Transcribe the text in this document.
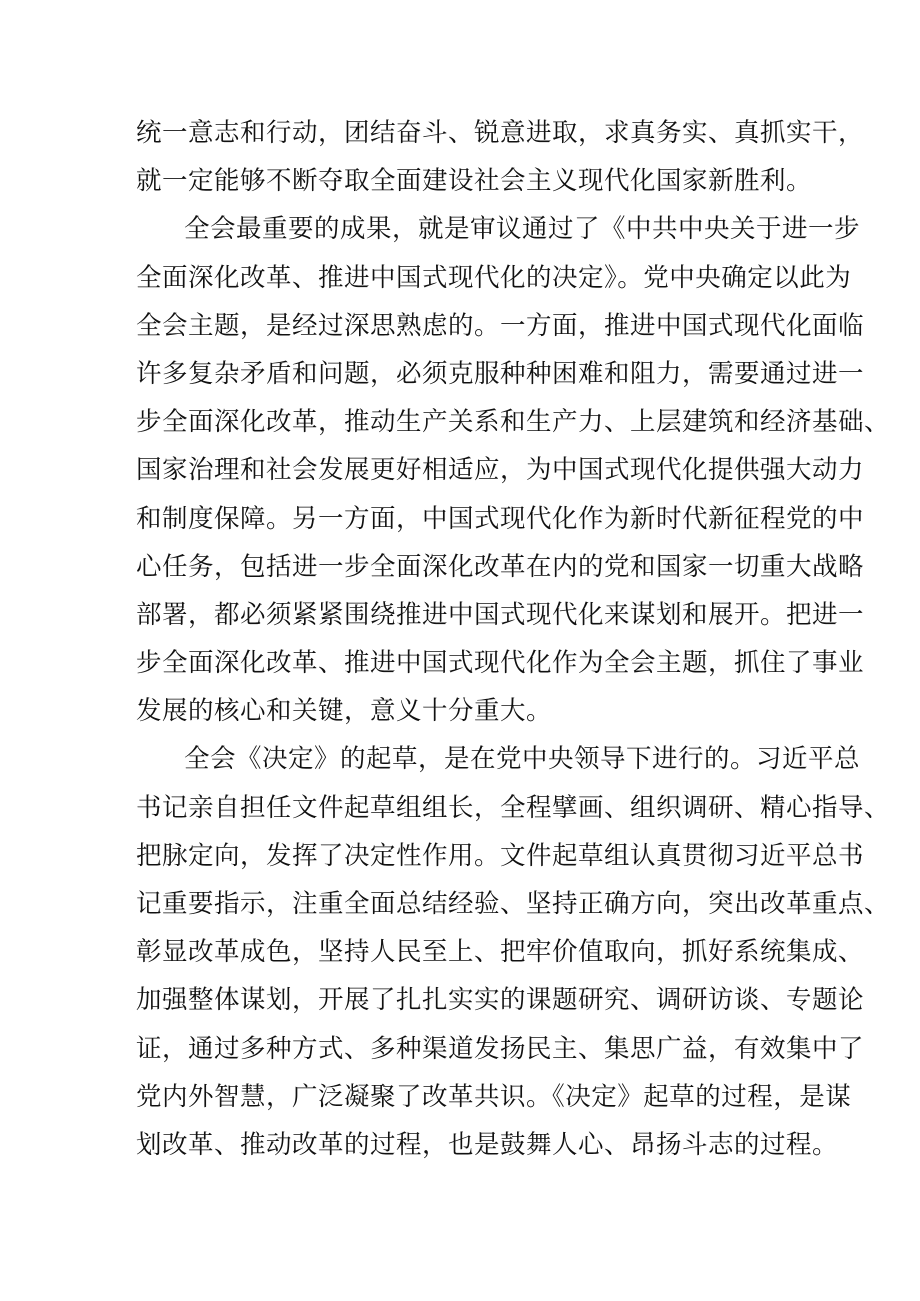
统一意志和行动，团结奋斗、锐意进取，求真务实、真抓实干，
就一定能够不断夺取全面建设社会主义现代化国家新胜利。
全会最重要的成果，就是审议通过了《中共中央关于进一步
全面深化改革、推进中国式现代化的决定》。党中央确定以此为
全会主题，是经过深思熟虑的。一方面，推进中国式现代化面临
许多复杂矛盾和问题，必须克服种种困难和阻力，需要通过进一
步全面深化改革，推动生产关系和生产力、上层建筑和经济基础、
国家治理和社会发展更好相适应，为中国式现代化提供强大动力
和制度保障。另一方面，中国式现代化作为新时代新征程党的中
心任务，包括进一步全面深化改革在内的党和国家一切重大战略
部署，都必须紧紧围绕推进中国式现代化来谋划和展开。把进一
步全面深化改革、推进中国式现代化作为全会主题，抓住了事业
发展的核心和关键，意义十分重大。
全会《决定》的起草，是在党中央领导下进行的。习近平总
书记亲自担任文件起草组组长，全程擘画、组织调研、精心指导、
把脉定向，发挥了决定性作用。文件起草组认真贯彻习近平总书
记重要指示，注重全面总结经验、坚持正确方向，突出改革重点、
彰显改革成色，坚持人民至上、把牢价值取向，抓好系统集成、
加强整体谋划，开展了扎扎实实的课题研究、调研访谈、专题论
证，通过多种方式、多种渠道发扬民主、集思广益，有效集中了
党内外智慧，广泛凝聚了改革共识。《决定》起草的过程，是谋
划改革、推动改革的过程，也是鼓舞人心、昂扬斗志的过程。
